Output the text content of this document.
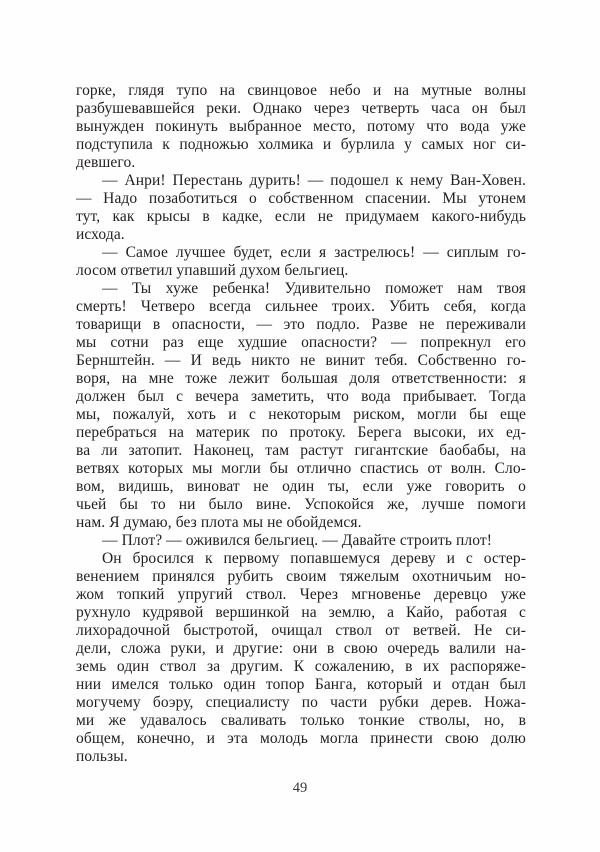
горке, глядя тупо на свинцовое небо и на мутные волны
разбушевавшейся реки. Однако через четверть часа он был
вынужден покинуть выбранное место, потому что вода уже
подступила к подножью холмика и бурлила у самых ног си-
девшего.
— Анри! Перестань дурить! — подошел к нему Ван-Ховен.
— Надо позаботиться о собственном спасении. Мы утонем
тут, как крысы в кадке, если не придумаем какого-нибудь
исхода.
— Самое лучшее будет, если я застрелюсь! — сиплым го-
лосом ответил упавший духом бельгиец.
— Ты хуже ребенка! Удивительно поможет нам твоя
смерть! Четверо всегда сильнее троих. Убить себя, когда
товарищи в опасности, — это подло. Разве не переживали
мы сотни раз еще худшие опасности? — попрекнул его
Бернштейн. — И ведь никто не винит тебя. Собственно го-
воря, на мне тоже лежит большая доля ответственности: я
должен был с вечера заметить, что вода прибывает. Тогда
мы, пожалуй, хоть и с некоторым риском, могли бы еще
перебраться на материк по протоку. Берега высоки, их ед-
ва ли затопит. Наконец, там растут гигантские баобабы, на
ветвях которых мы могли бы отлично спастись от волн. Сло-
вом, видишь, виноват не один ты, если уже говорить о
чьей бы то ни было вине. Успокойся же, лучше помоги
нам. Я думаю, без плота мы не обойдемся.
— Плот? — оживился бельгиец. — Давайте строить плот!
Он бросился к первому попавшемуся дереву и с остер-
венением принялся рубить своим тяжелым охотничьим но-
жом топкий упругий ствол. Через мгновенье деревцо уже
рухнуло кудрявой вершинкой на землю, а Кайо, работая с
лихорадочной быстротой, очищал ствол от ветвей. Не си-
дели, сложа руки, и другие: они в свою очередь валили на-
земь один ствол за другим. К сожалению, в их распоряже-
нии имелся только один топор Банга, который и отдан был
могучему боэру, специалисту по части рубки дерев. Ножа-
ми же удавалось сваливать только тонкие стволы, но, в
общем, конечно, и эта молодь могла принести свою долю
пользы.
49
